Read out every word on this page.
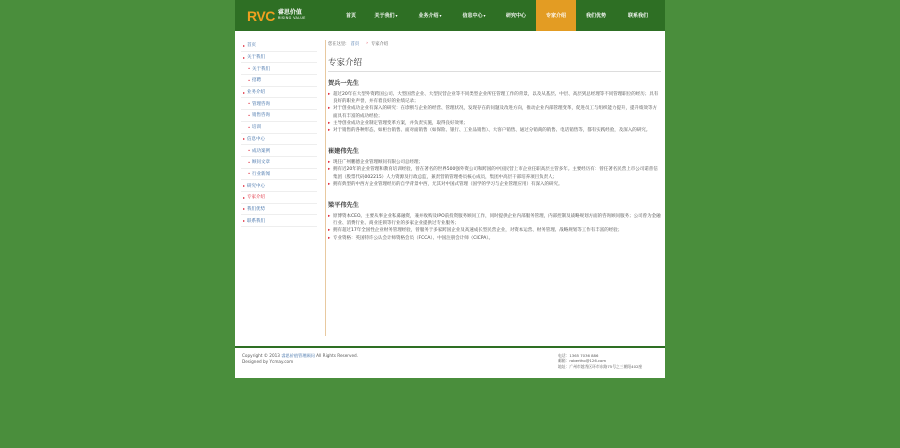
RVC 睿思价值
RISING VALUE	首页	关于我们 ▾	业务介绍 ▾	信息中心 ▾	研究中心	专家介绍	我们优势	联系我们
▸ 首页
▸ 关于我们
• 关于我们
• 招聘
▸ 业务介绍
• 管理咨询
• 销售咨询
• 培训
▸ 信息中心
• 成功案例
• 顾问文章
• 行业新闻
▸ 研究中心
▸ 专家介绍
▸ 我们优势
▸ 联系我们
您在这里: 首页 › 专家介绍
专家介绍
贺兵一先生
▸ 超过20年在大型外资跨国公司、大型国营企业、大型民营企业等不同类型企业所任管理工作的背景，以及从基层、中层、高层到总经理等不同管理职位的经历；具有良好的职业声誉，并有着良好的业绩记录；
▸ 对于创业成功企业有深入的研究：在诊断与企业的经营、管理状况，发现存在的问题及改进方向，推动企业内部管理变革，促进员工与组织能力提升，提升绩效等方面具有丰富的成功经验；
▸ 主导创业成功企业制定管理变革方案，并负责实施，取得良好效果；
▸ 对于销售的各种形态，如柜台销售、面对面销售（如保险、银行、工业品销售）、大客户销售、通过分销商的销售、电话销售等，都有实践经验，及深入的研究。
崔建伟先生
▸ 现任广州鹏德企业管理顾问有限公司总经理；
▸ 拥有近20年的企业管理和教育培训经验，曾在著名的世界500强外资公司和跨国的中国民营上市企业任职高层主管多年。主要经历有：曾任著名民营上市公司诺普信集团（股票代码002215）人力资源及行政总监，兼责营销管理委员核心成员，集团中高层干部培养项目负责人；
▸ 拥有典型的中西方企业管理经历的自学背景中西，尤其对中国式管理（国学的学习与企业管理应用）有深入的研究。
梁平伟先生
▸ 原博资本CEO。主要从事企业私募融资，兼并收购及IPO前投资服务顾问工作，同时提供企业内部服务管理，内部控制及战略规划方面的咨询顾问服务；公司曾为金融行业、消费行业、商业连锁等行业的多家企业提供过专业服务；
▸ 拥有超过17年全国性企业财务管理经验，曾服务于多家跨国企业及高速成长型民营企业，对资本运营、财务管理、战略规划等工作有丰富的经验；
▸ 专业资格：英国特许公认会计师资格会员（FCCA）、中国注册会计师（CICPA）。
Copyright © 2013 睿思价值管理顾问 All Rights Reserved.
Designed by Ycmay.com
电话：1365 7036 886
邮箱：robertho@126.com
地址：广州市越秀区环市东路75号之三朝阳402座
